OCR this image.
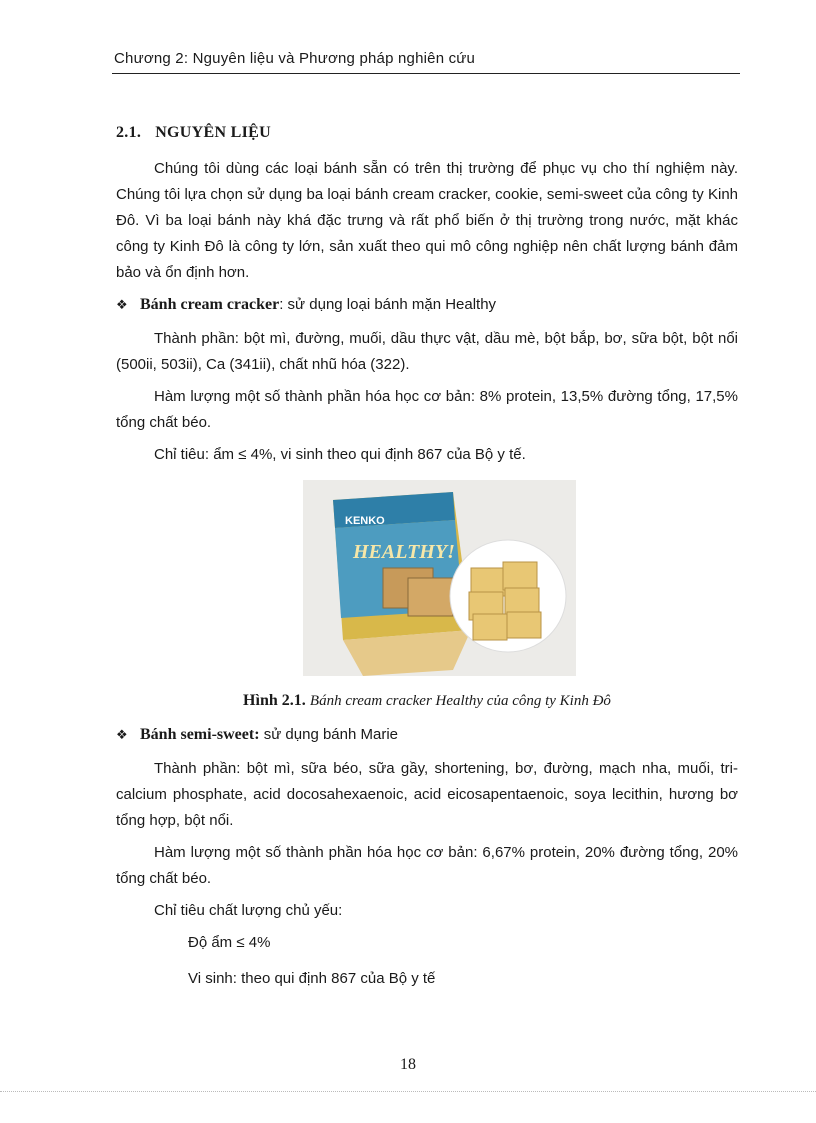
Chương 2: Nguyên liệu và Phương pháp nghiên cứu
2.1. NGUYÊN LIỆU

Chúng tôi dùng các loại bánh sẵn có trên thị trường để phục vụ cho thí nghiệm này. Chúng tôi lựa chọn sử dụng ba loại bánh cream cracker, cookie, semi-sweet của công ty Kinh Đô. Vì ba loại bánh này khá đặc trưng và rất phổ biến ở thị trường trong nước, mặt khác công ty Kinh Đô là công ty lớn, sản xuất theo qui mô công nghiệp nên chất lượng bánh đảm bảo và ổn định hơn.

❖ Bánh cream cracker: sử dụng loại bánh mặn Healthy

Thành phần: bột mì, đường, muối, dầu thực vật, dầu mè, bột bắp, bơ, sữa bột, bột nổi (500ii, 503ii), Ca (341ii), chất nhũ hóa (322).

Hàm lượng một số thành phần hóa học cơ bản: 8% protein, 13,5% đường tổng, 17,5% tổng chất béo.

Chỉ tiêu: ẩm ≤ 4%, vi sinh theo qui định 867 của Bộ y tế.

KENKO
HEALTHY!
Hình 2.1. Bánh cream cracker Healthy của công ty Kinh Đô
❖ Bánh semi-sweet: sử dụng bánh Marie

Thành phần: bột mì, sữa béo, sữa gầy, shortening, bơ, đường, mạch nha, muối, tri-calcium phosphate, acid docosahexaenoic, acid eicosapentaenoic, soya lecithin, hương bơ tổng hợp, bột nổi.

Hàm lượng một số thành phần hóa học cơ bản: 6,67% protein, 20% đường tổng, 20% tổng chất béo.

Chỉ tiêu chất lượng chủ yếu:

Độ ẩm ≤ 4%

Vi sinh: theo qui định 867 của Bộ y tế

18
